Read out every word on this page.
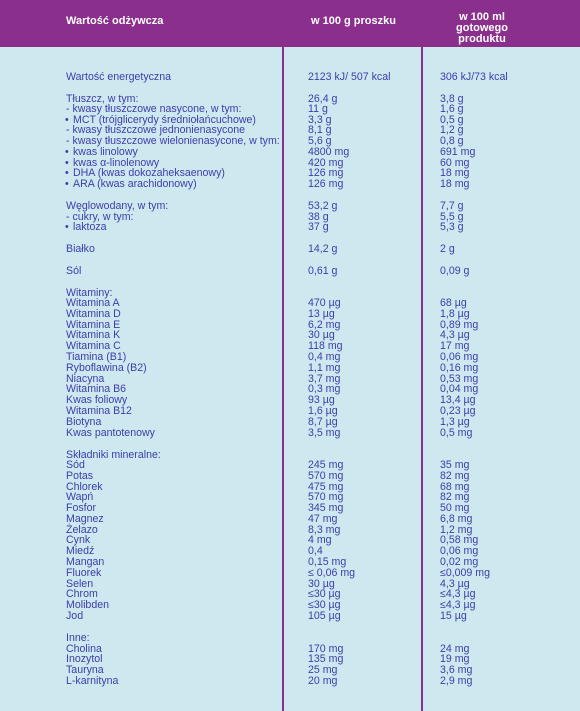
Wartość odżywcza	w 100 g proszku	w 100 ml gotowego produktu
Wartość energetyczna	2123 kJ/ 507 kcal	306 kJ/73 kcal
Tłuszcz, w tym:	26,4 g	3,8 g
- kwasy tłuszczowe nasycone, w tym:	11 g	1,6 g
• MCT (trójglicerydy średniołańcuchowe)	3,3 g	0,5 g
- kwasy tłuszczowe jednonienasycone	8,1 g	1,2 g
- kwasy tłuszczowe wielonienasycone, w tym:	5,6 g	0,8 g
• kwas linolowy	4800 mg	691 mg
• kwas α-linolenowy	420 mg	60 mg
• DHA (kwas dokozaheksaenowy)	126 mg	18 mg
• ARA (kwas arachidonowy)	126 mg	18 mg
Węglowodany, w tym:	53,2 g	7,7 g
- cukry, w tym:	38 g	5,5 g
• laktoza	37 g	5,3 g
Białko	14,2 g	2 g
Sól	0,61 g	0,09 g
Witaminy:
Witamina A	470 µg	68 µg
Witamina D	13 µg	1,8 µg
Witamina E	6,2 mg	0,89 mg
Witamina K	30 µg	4,3 µg
Witamina C	118 mg	17 mg
Tiamina (B1)	0,4 mg	0,06 mg
Ryboflawina (B2)	1,1 mg	0,16 mg
Niacyna	3,7 mg	0,53 mg
Witamina B6	0,3 mg	0,04 mg
Kwas foliowy	93 µg	13,4 µg
Witamina B12	1,6 µg	0,23 µg
Biotyna	8,7 µg	1,3 µg
Kwas pantotenowy	3,5 mg	0,5 mg
Składniki mineralne:
Sód	245 mg	35 mg
Potas	570 mg	82 mg
Chlorek	475 mg	68 mg
Wapń	570 mg	82 mg
Fosfor	345 mg	50 mg
Magnez	47 mg	6,8 mg
Żelazo	8,3 mg	1,2 mg
Cynk	4 mg	0,58 mg
Miedź	0,4	0,06 mg
Mangan	0,15 mg	0,02 mg
Fluorek	≤ 0,06 mg	≤0,009 mg
Selen	30 µg	4,3 µg
Chrom	≤30 µg	≤4,3 µg
Molibden	≤30 µg	≤4,3 µg
Jod	105 µg	15 µg
Inne:
Cholina	170 mg	24 mg
Inozytol	135 mg	19 mg
Tauryna	25 mg	3,6 mg
L-karnityna	20 mg	2,9 mg
